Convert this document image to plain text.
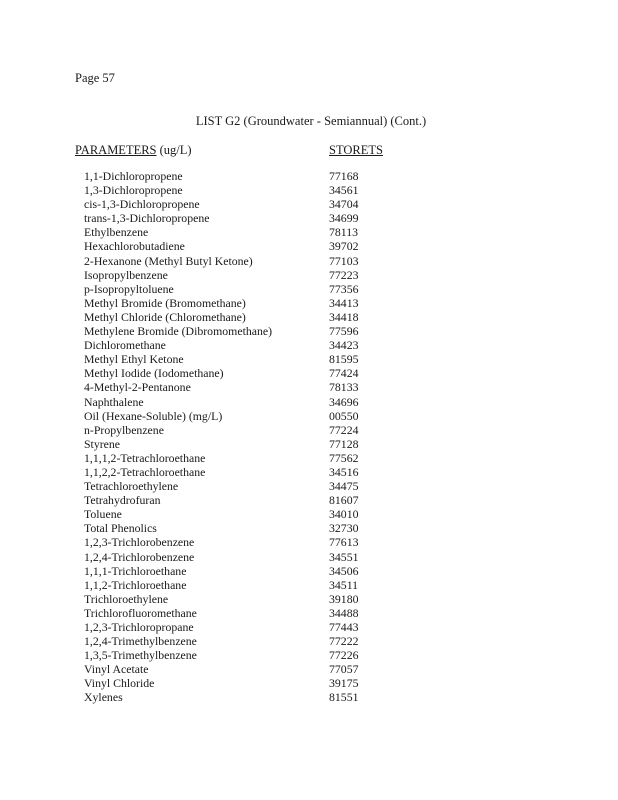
Page 57
LIST G2 (Groundwater - Semiannual) (Cont.)
PARAMETERS (ug/L)	STORETS
1,1-Dichloropropene	77168
1,3-Dichloropropene	34561
cis-1,3-Dichloropropene	34704
trans-1,3-Dichloropropene	34699
Ethylbenzene	78113
Hexachlorobutadiene	39702
2-Hexanone (Methyl Butyl Ketone)	77103
Isopropylbenzene	77223
p-Isopropyltoluene	77356
Methyl Bromide (Bromomethane)	34413
Methyl Chloride (Chloromethane)	34418
Methylene Bromide (Dibromomethane)	77596
Dichloromethane	34423
Methyl Ethyl Ketone	81595
Methyl Iodide (Iodomethane)	77424
4-Methyl-2-Pentanone	78133
Naphthalene	34696
Oil (Hexane-Soluble) (mg/L)	00550
n-Propylbenzene	77224
Styrene	77128
1,1,1,2-Tetrachloroethane	77562
1,1,2,2-Tetrachloroethane	34516
Tetrachloroethylene	34475
Tetrahydrofuran	81607
Toluene	34010
Total Phenolics	32730
1,2,3-Trichlorobenzene	77613
1,2,4-Trichlorobenzene	34551
1,1,1-Trichloroethane	34506
1,1,2-Trichloroethane	34511
Trichloroethylene	39180
Trichlorofluoromethane	34488
1,2,3-Trichloropropane	77443
1,2,4-Trimethylbenzene	77222
1,3,5-Trimethylbenzene	77226
Vinyl Acetate	77057
Vinyl Chloride	39175
Xylenes	81551
